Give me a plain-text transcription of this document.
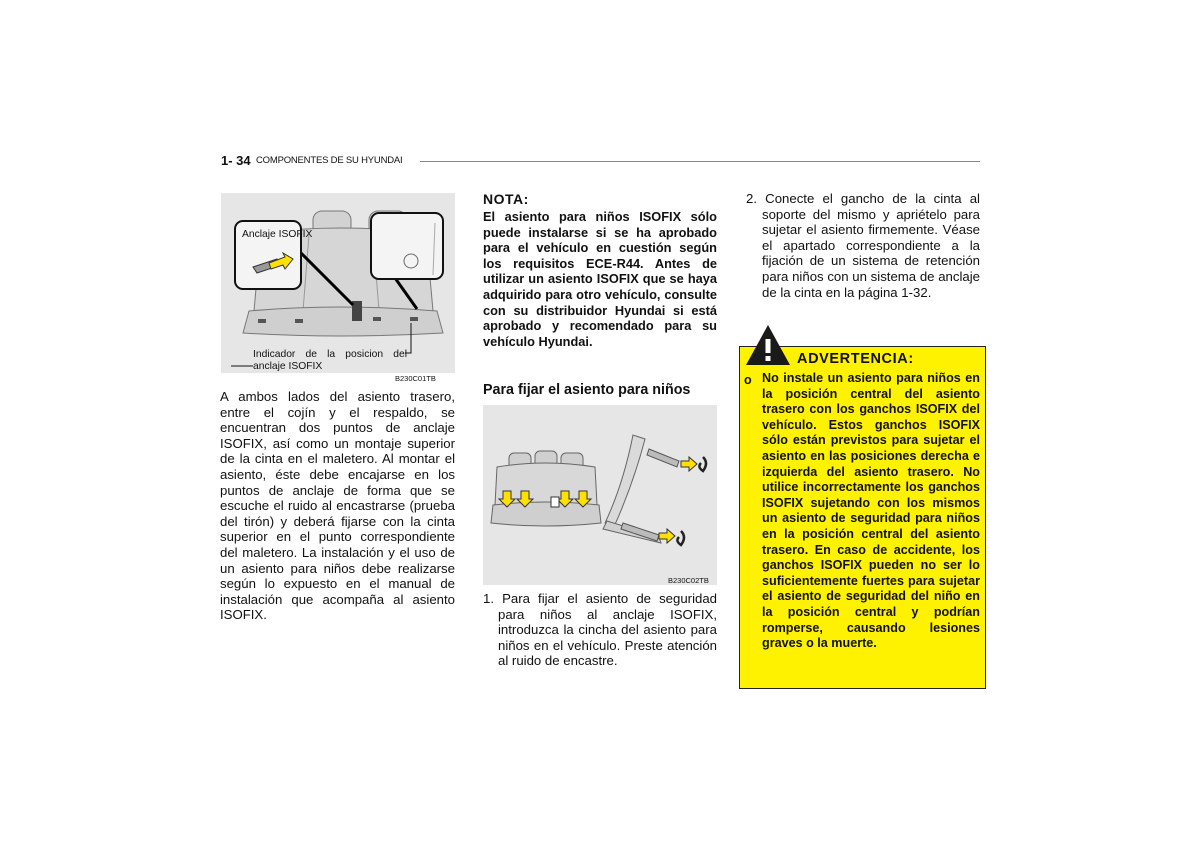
1- 34 COMPONENTES DE SU HYUNDAI
Anclaje ISOFIX
Indicador de la posicion del anclaje ISOFIX
B230C01TB
A ambos lados del asiento trasero, entre el cojín y el respaldo, se encuentran dos puntos de anclaje ISOFIX, así como un montaje superior de la cinta en el maletero. Al montar el asiento, éste debe encajarse en los puntos de anclaje de forma que se escuche el ruido al encastrarse (prueba del tirón) y deberá fijarse con la cinta superior en el punto correspondiente del maletero. La instalación y el uso de un asiento para niños debe realizarse según lo expuesto en el manual de instalación que acompaña al asiento ISOFIX.
NOTA:
El asiento para niños ISOFIX sólo puede instalarse si se ha aprobado para el vehículo en cuestión según los requisitos ECE-R44. Antes de utilizar un asiento ISOFIX que se haya adquirido para otro vehículo, consulte con su distribuidor Hyundai si está aprobado y recomendado para su vehículo Hyundai.
Para fijar el asiento para niños
B230C02TB
1. Para fijar el asiento de seguridad para niños al anclaje ISOFIX, introduzca la cincha del asiento para niños en el vehículo. Preste atención al ruido de encastre.
2. Conecte el gancho de la cinta al soporte del mismo y apriételo para sujetar el asiento firmemente. Véase el apartado correspondiente a la fijación de un sistema de retención para niños con un sistema de anclaje de la cinta en la página 1-32.
ADVERTENCIA:
o No instale un asiento para niños en la posición central del asiento trasero con los ganchos ISOFIX del vehículo. Estos ganchos ISOFIX sólo están previstos para sujetar el asiento en las posiciones derecha e izquierda del asiento trasero. No utilice incorrectamente los ganchos ISOFIX sujetando con los mismos un asiento de seguridad para niños en la posición central del asiento trasero. En caso de accidente, los ganchos ISOFIX pueden no ser lo suficientemente fuertes para sujetar el asiento de seguridad del niño en la posición central y podrían romperse, causando lesiones graves o la muerte.
